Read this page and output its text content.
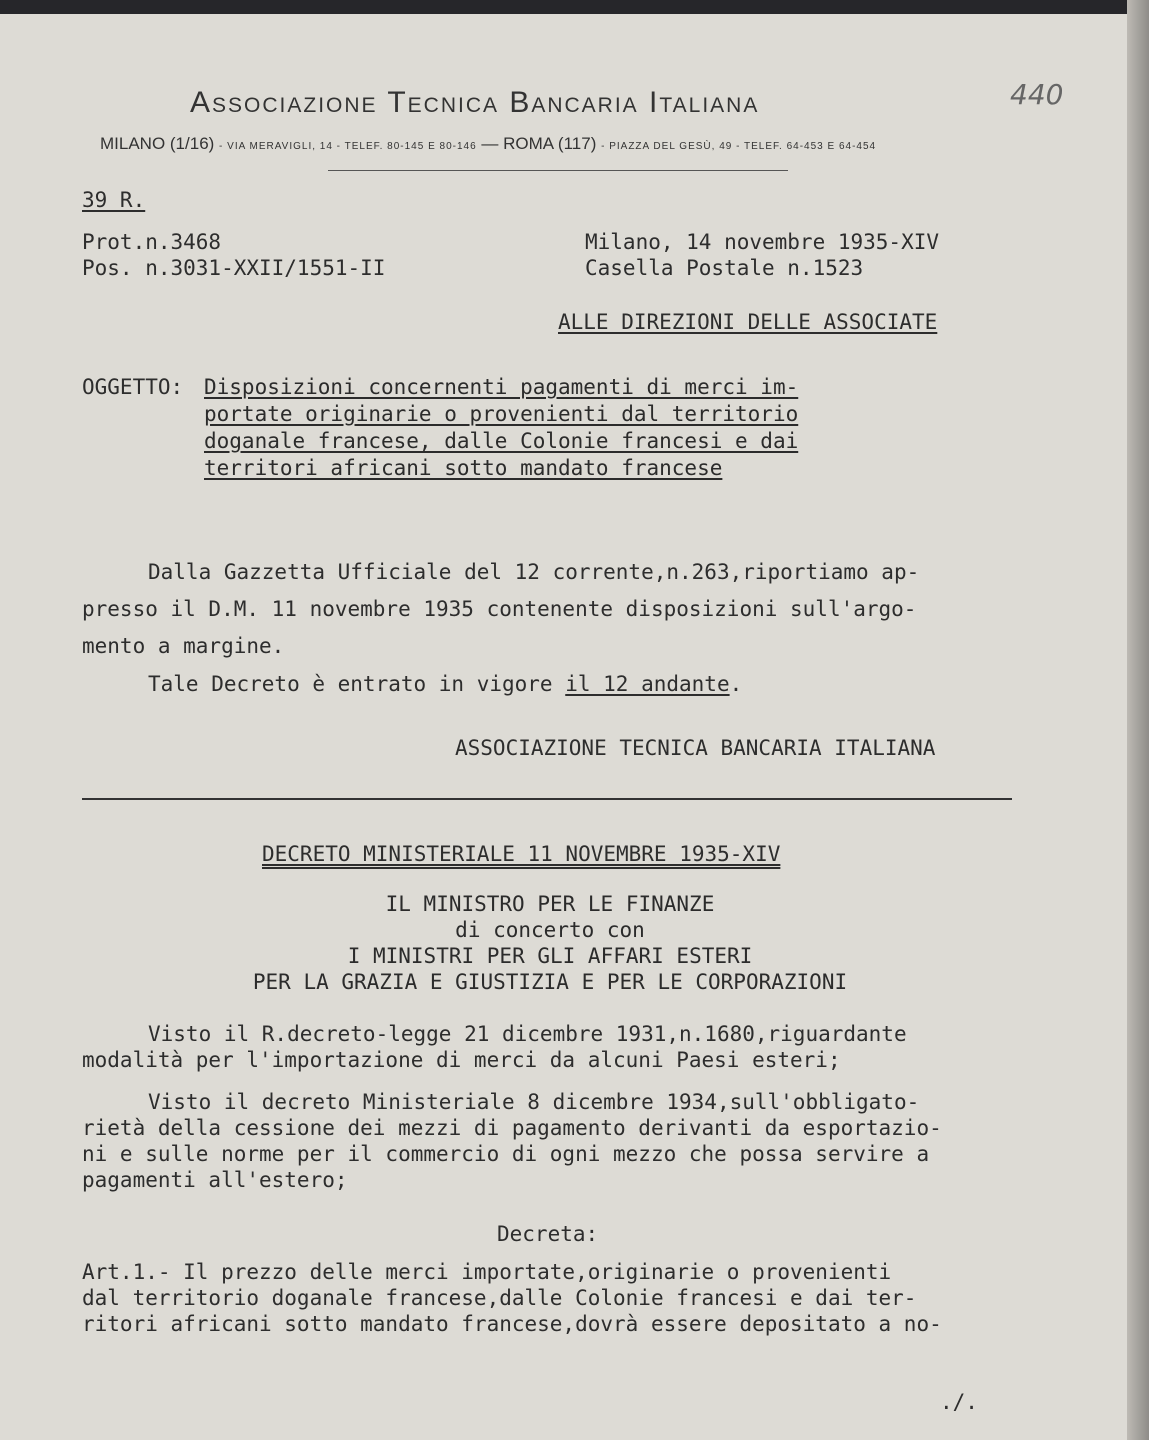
Associazione Tecnica Bancaria Italiana
MILANO (1/16) - VIA MERAVIGLI, 14 - TELEF. 80-145 E 80-146 — ROMA (117) - PIAZZA DEL GESÙ, 49 - TELEF. 64-453 E 64-454
440
39 R.
Prot.n.3468
Pos. n.3031-XXII/1551-II
Milano, 14 novembre 1935-XIV
Casella Postale n.1523
ALLE DIREZIONI DELLE ASSOCIATE
OGGETTO: Disposizioni concernenti pagamenti di merci im-
portate originarie o provenienti dal territorio
doganale francese, dalle Colonie francesi e dai
territori africani sotto mandato francese
Dalla Gazzetta Ufficiale del 12 corrente,n.263,riportiamo ap-
presso il D.M. 11 novembre 1935 contenente disposizioni sull'argo-
mento a margine.
Tale Decreto è entrato in vigore il 12 andante.
ASSOCIAZIONE TECNICA BANCARIA ITALIANA
DECRETO MINISTERIALE 11 NOVEMBRE 1935-XIV
IL MINISTRO PER LE FINANZE
di concerto con
I MINISTRI PER GLI AFFARI ESTERI
PER LA GRAZIA E GIUSTIZIA E PER LE CORPORAZIONI
Visto il R.decreto-legge 21 dicembre 1931,n.1680,riguardante
modalità per l'importazione di merci da alcuni Paesi esteri;
Visto il decreto Ministeriale 8 dicembre 1934,sull'obbligato-
rietà della cessione dei mezzi di pagamento derivanti da esportazio-
ni e sulle norme per il commercio di ogni mezzo che possa servire a
pagamenti all'estero;
Decreta:
Art.1.- Il prezzo delle merci importate,originarie o provenienti
dal territorio doganale francese,dalle Colonie francesi e dai ter-
ritori africani sotto mandato francese,dovrà essere depositato a no-
./.
